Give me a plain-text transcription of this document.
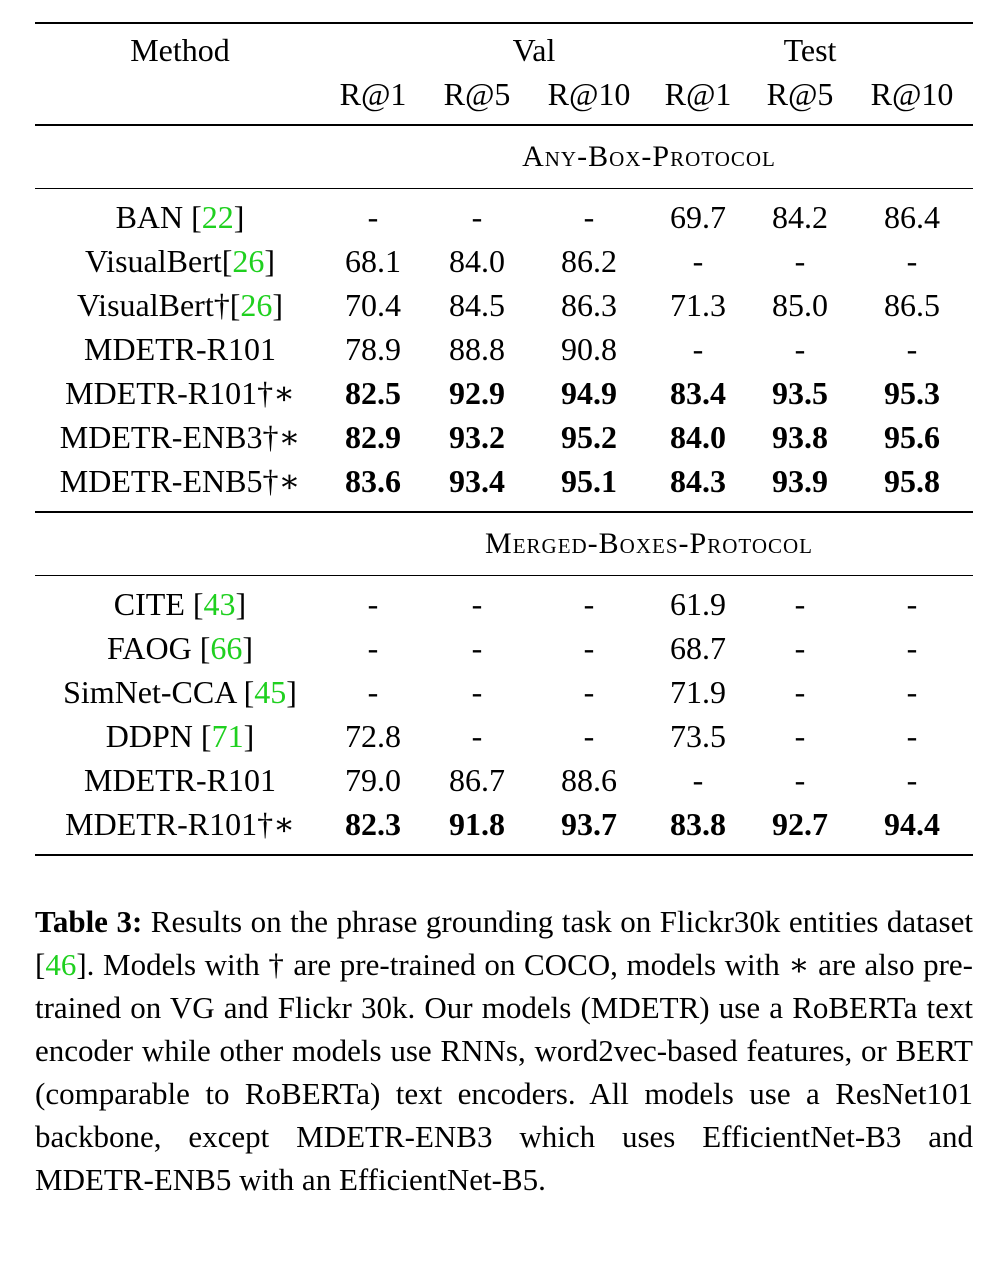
Method	Val	Test
R@1	R@5	R@10	R@1	R@5	R@10
Any-Box-Protocol
BAN [22]	-	-	-	69.7	84.2	86.4
VisualBert[26]	68.1	84.0	86.2	-	-	-
VisualBert†[26]	70.4	84.5	86.3	71.3	85.0	86.5
MDETR-R101	78.9	88.8	90.8	-	-	-
MDETR-R101†∗	82.5	92.9	94.9	83.4	93.5	95.3
MDETR-ENB3†∗	82.9	93.2	95.2	84.0	93.8	95.6
MDETR-ENB5†∗	83.6	93.4	95.1	84.3	93.9	95.8
Merged-Boxes-Protocol
CITE [43]	-	-	-	61.9	-	-
FAOG [66]	-	-	-	68.7	-	-
SimNet-CCA [45]	-	-	-	71.9	-	-
DDPN [71]	72.8	-	-	73.5	-	-
MDETR-R101	79.0	86.7	88.6	-	-	-
MDETR-R101†∗	82.3	91.8	93.7	83.8	92.7	94.4
Table 3: Results on the phrase grounding task on Flickr30k entities dataset [46]. Models with † are pre-trained on COCO, models with ∗ are also pre-trained on VG and Flickr 30k. Our models (MDETR) use a RoBERTa text encoder while other models use RNNs, word2vec-based features, or BERT (comparable to RoBERTa) text encoders. All models use a ResNet101 backbone, except MDETR-ENB3 which uses EfficientNet-B3 and MDETR-ENB5 with an EfficientNet-B5.
